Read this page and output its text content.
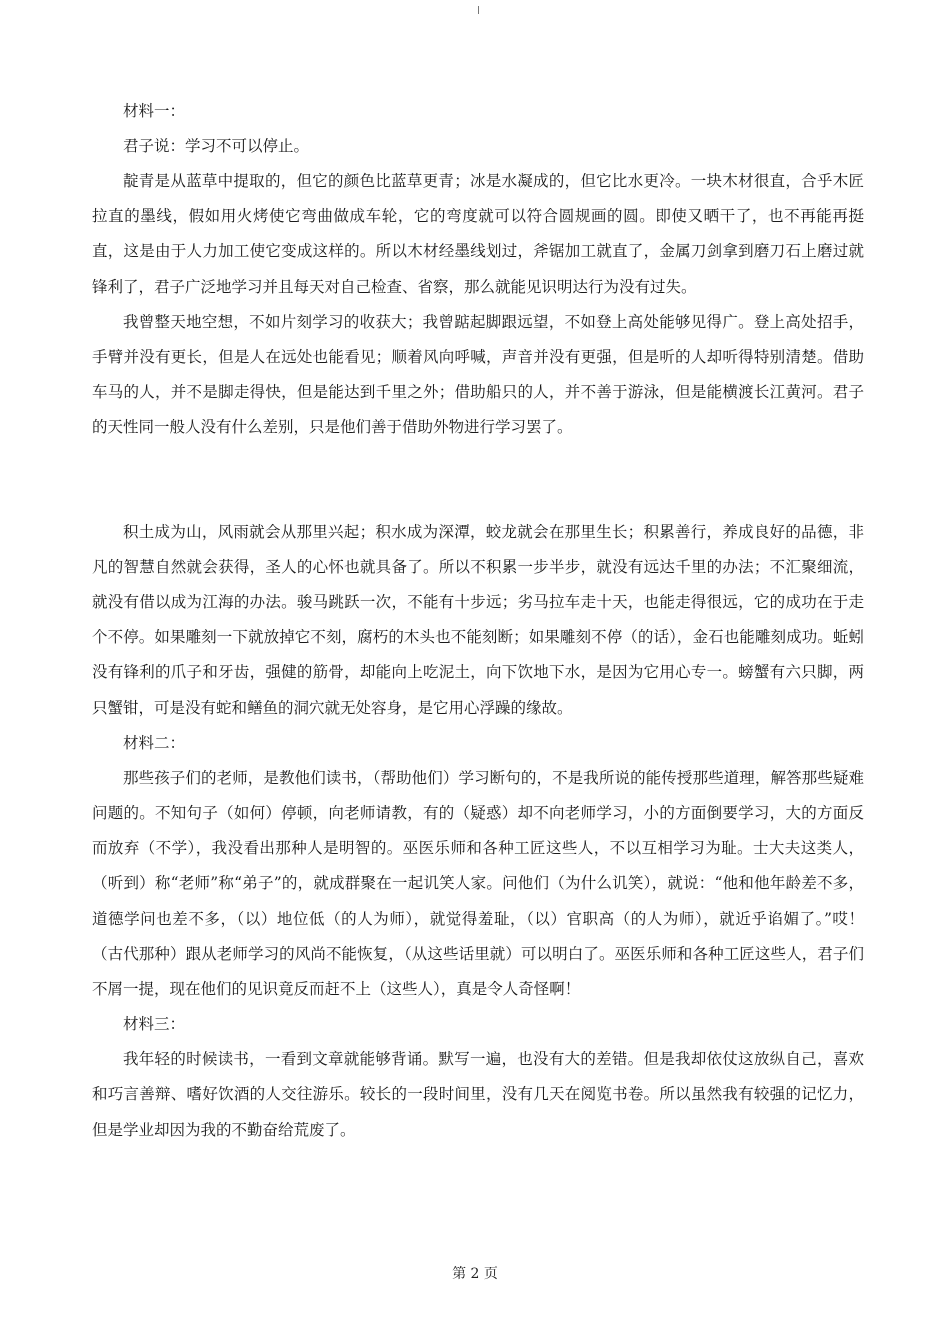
材料一：

君子说：学习不可以停止。

靛青是从蓝草中提取的，但它的颜色比蓝草更青；冰是水凝成的，但它比水更冷。一块木材很直，合乎木匠拉直的墨线，假如用火烤使它弯曲做成车轮，它的弯度就可以符合圆规画的圆。即使又晒干了，也不再能再挺直，这是由于人力加工使它变成这样的。所以木材经墨线划过，斧锯加工就直了，金属刀剑拿到磨刀石上磨过就锋利了，君子广泛地学习并且每天对自己检查、省察，那么就能见识明达行为没有过失。

我曾整天地空想，不如片刻学习的收获大；我曾踮起脚跟远望，不如登上高处能够见得广。登上高处招手，手臂并没有更长，但是人在远处也能看见；顺着风向呼喊，声音并没有更强，但是听的人却听得特别清楚。借助车马的人，并不是脚走得快，但是能达到千里之外；借助船只的人，并不善于游泳，但是能横渡长江黄河。君子的天性同一般人没有什么差别，只是他们善于借助外物进行学习罢了。

积土成为山，风雨就会从那里兴起；积水成为深潭，蛟龙就会在那里生长；积累善行，养成良好的品德，非凡的智慧自然就会获得，圣人的心怀也就具备了。所以不积累一步半步，就没有远达千里的办法；不汇聚细流，就没有借以成为江海的办法。骏马跳跃一次，不能有十步远；劣马拉车走十天，也能走得很远，它的成功在于走个不停。如果雕刻一下就放掉它不刻，腐朽的木头也不能刻断；如果雕刻不停（的话），金石也能雕刻成功。蚯蚓没有锋利的爪子和牙齿，强健的筋骨，却能向上吃泥土，向下饮地下水，是因为它用心专一。螃蟹有六只脚，两只蟹钳，可是没有蛇和鳝鱼的洞穴就无处容身，是它用心浮躁的缘故。

材料二：

那些孩子们的老师，是教他们读书，（帮助他们）学习断句的，不是我所说的能传授那些道理，解答那些疑难问题的。不知句子（如何）停顿，向老师请教，有的（疑惑）却不向老师学习，小的方面倒要学习，大的方面反而放弃（不学），我没看出那种人是明智的。巫医乐师和各种工匠这些人，不以互相学习为耻。士大夫这类人，（听到）称“老师”称“弟子”的，就成群聚在一起讥笑人家。问他们（为什么讥笑），就说：“他和他年龄差不多，道德学问也差不多，（以）地位低（的人为师），就觉得羞耻，（以）官职高（的人为师），就近乎谄媚了。”哎！（古代那种）跟从老师学习的风尚不能恢复，（从这些话里就）可以明白了。巫医乐师和各种工匠这些人，君子们不屑一提，现在他们的见识竟反而赶不上（这些人），真是令人奇怪啊！

材料三：

我年轻的时候读书，一看到文章就能够背诵。默写一遍，也没有大的差错。但是我却依仗这放纵自己，喜欢和巧言善辩、嗜好饮酒的人交往游乐。较长的一段时间里，没有几天在阅览书卷。所以虽然我有较强的记忆力，但是学业却因为我的不勤奋给荒废了。

第 2 页
